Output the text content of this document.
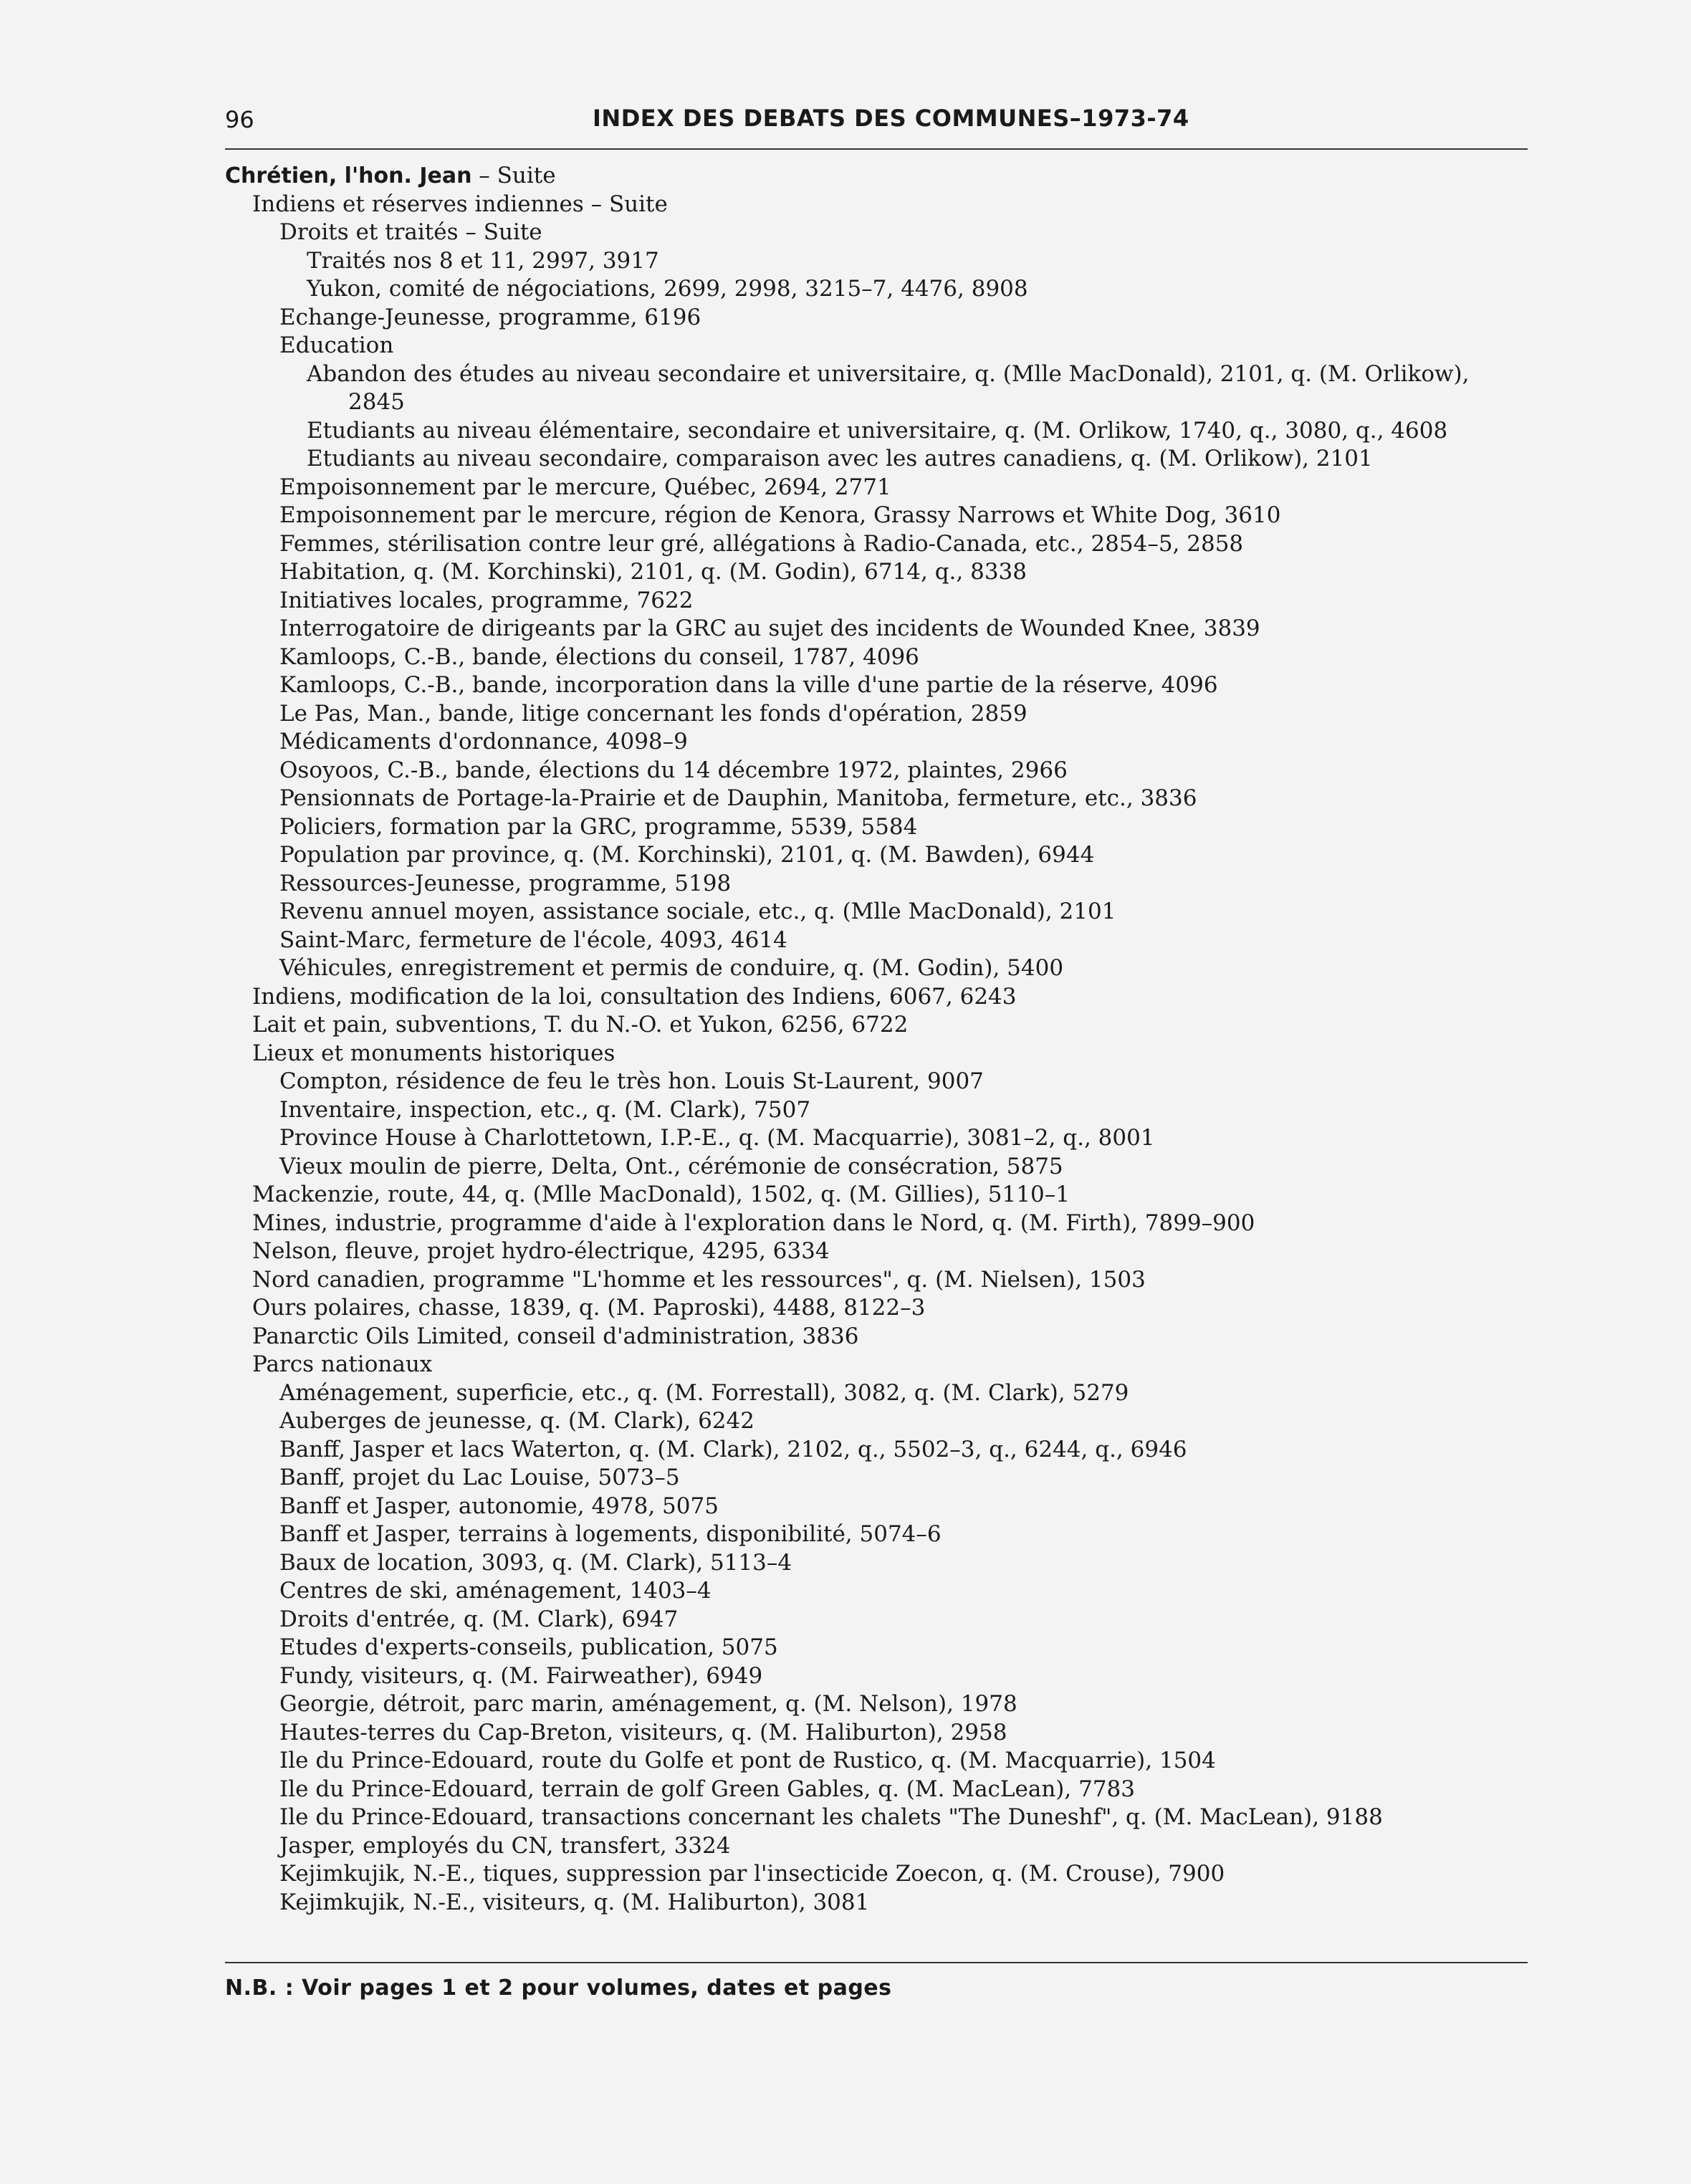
96	INDEX DES DEBATS DES COMMUNES–1973-74
Chrétien, l'hon. Jean – Suite
Indiens et réserves indiennes – Suite
Droits et traités – Suite
Traités nos 8 et 11, 2997, 3917
Yukon, comité de négociations, 2699, 2998, 3215–7, 4476, 8908
Echange-Jeunesse, programme, 6196
Education
Abandon des études au niveau secondaire et universitaire, q. (Mlle MacDonald), 2101, q. (M. Orlikow), 2845
Etudiants au niveau élémentaire, secondaire et universitaire, q. (M. Orlikow, 1740, q., 3080, q., 4608
Etudiants au niveau secondaire, comparaison avec les autres canadiens, q. (M. Orlikow), 2101
Empoisonnement par le mercure, Québec, 2694, 2771
Empoisonnement par le mercure, région de Kenora, Grassy Narrows et White Dog, 3610
Femmes, stérilisation contre leur gré, allégations à Radio-Canada, etc., 2854–5, 2858
Habitation, q. (M. Korchinski), 2101, q. (M. Godin), 6714, q., 8338
Initiatives locales, programme, 7622
Interrogatoire de dirigeants par la GRC au sujet des incidents de Wounded Knee, 3839
Kamloops, C.-B., bande, élections du conseil, 1787, 4096
Kamloops, C.-B., bande, incorporation dans la ville d'une partie de la réserve, 4096
Le Pas, Man., bande, litige concernant les fonds d'opération, 2859
Médicaments d'ordonnance, 4098–9
Osoyoos, C.-B., bande, élections du 14 décembre 1972, plaintes, 2966
Pensionnats de Portage-la-Prairie et de Dauphin, Manitoba, fermeture, etc., 3836
Policiers, formation par la GRC, programme, 5539, 5584
Population par province, q. (M. Korchinski), 2101, q. (M. Bawden), 6944
Ressources-Jeunesse, programme, 5198
Revenu annuel moyen, assistance sociale, etc., q. (Mlle MacDonald), 2101
Saint-Marc, fermeture de l'école, 4093, 4614
Véhicules, enregistrement et permis de conduire, q. (M. Godin), 5400
Indiens, modification de la loi, consultation des Indiens, 6067, 6243
Lait et pain, subventions, T. du N.-O. et Yukon, 6256, 6722
Lieux et monuments historiques
Compton, résidence de feu le très hon. Louis St-Laurent, 9007
Inventaire, inspection, etc., q. (M. Clark), 7507
Province House à Charlottetown, I.P.-E., q. (M. Macquarrie), 3081–2, q., 8001
Vieux moulin de pierre, Delta, Ont., cérémonie de consécration, 5875
Mackenzie, route, 44, q. (Mlle MacDonald), 1502, q. (M. Gillies), 5110–1
Mines, industrie, programme d'aide à l'exploration dans le Nord, q. (M. Firth), 7899–900
Nelson, fleuve, projet hydro-électrique, 4295, 6334
Nord canadien, programme "L'homme et les ressources", q. (M. Nielsen), 1503
Ours polaires, chasse, 1839, q. (M. Paproski), 4488, 8122–3
Panarctic Oils Limited, conseil d'administration, 3836
Parcs nationaux
Aménagement, superficie, etc., q. (M. Forrestall), 3082, q. (M. Clark), 5279
Auberges de jeunesse, q. (M. Clark), 6242
Banff, Jasper et lacs Waterton, q. (M. Clark), 2102, q., 5502–3, q., 6244, q., 6946
Banff, projet du Lac Louise, 5073–5
Banff et Jasper, autonomie, 4978, 5075
Banff et Jasper, terrains à logements, disponibilité, 5074–6
Baux de location, 3093, q. (M. Clark), 5113–4
Centres de ski, aménagement, 1403–4
Droits d'entrée, q. (M. Clark), 6947
Etudes d'experts-conseils, publication, 5075
Fundy, visiteurs, q. (M. Fairweather), 6949
Georgie, détroit, parc marin, aménagement, q. (M. Nelson), 1978
Hautes-terres du Cap-Breton, visiteurs, q. (M. Haliburton), 2958
Ile du Prince-Edouard, route du Golfe et pont de Rustico, q. (M. Macquarrie), 1504
Ile du Prince-Edouard, terrain de golf Green Gables, q. (M. MacLean), 7783
Ile du Prince-Edouard, transactions concernant les chalets "The Duneshf", q. (M. MacLean), 9188
Jasper, employés du CN, transfert, 3324
Kejimkujik, N.-E., tiques, suppression par l'insecticide Zoecon, q. (M. Crouse), 7900
Kejimkujik, N.-E., visiteurs, q. (M. Haliburton), 3081
N.B. : Voir pages 1 et 2 pour volumes, dates et pages
